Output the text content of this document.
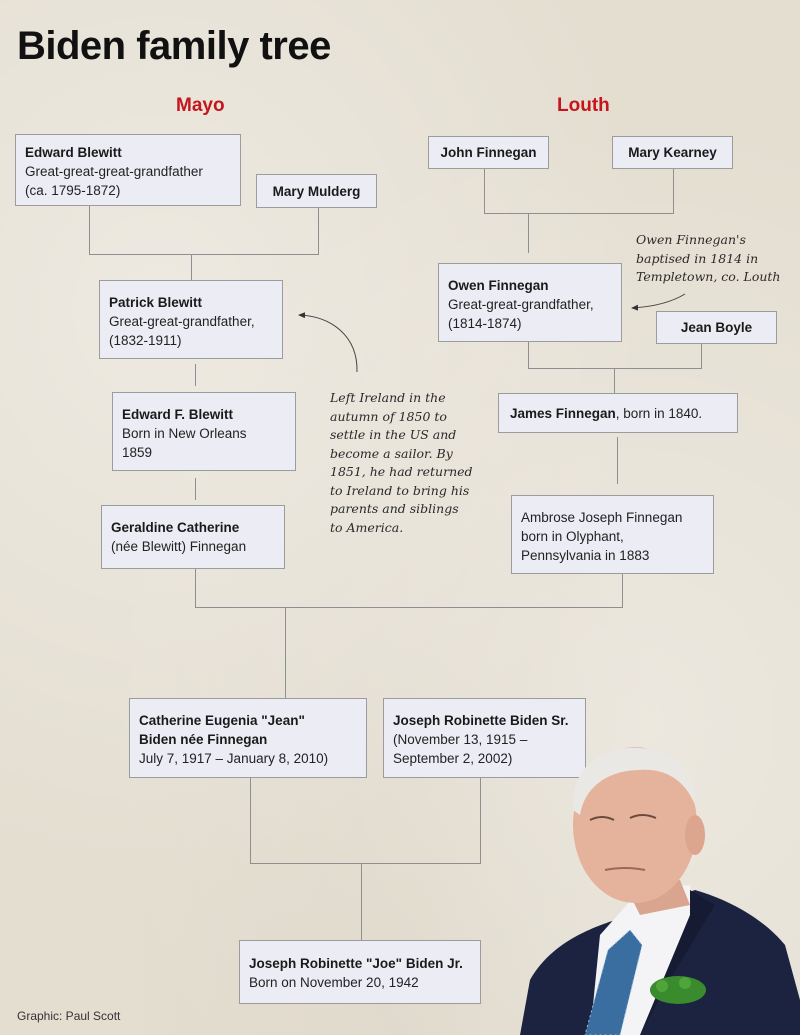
Biden family tree
Mayo	Louth
Edward Blewitt
Great-great-great-grandfather
(ca. 1795-1872)	Mary Mulderg
Patrick Blewitt
Great-great-grandfather,
(1832-1911)
Edward F. Blewitt
Born in New Orleans
1859
Geraldine Catherine
(née Blewitt) Finnegan
John Finnegan	Mary Kearney
Owen Finnegan
Great-great-grandfather,
(1814-1874)	Jean Boyle
James Finnegan , born in 1840.
Ambrose Joseph Finnegan
born in Olyphant,
Pennsylvania in 1883
Catherine Eugenia "Jean"
Biden née Finnegan
July 7, 1917 – January 8, 2010)
Joseph Robinette Biden Sr.
(November 13, 1915 –
September 2, 2002)
Joseph Robinette "Joe" Biden Jr.
Born on November 20, 1942
Left Ireland in the
autumn of 1850 to
settle in the US and
become a sailor. By
1851, he had returned
to Ireland to bring his
parents and siblings
to America.
Owen Finnegan's
baptised in 1814 in
Templetown, co. Louth
Graphic: Paul Scott
